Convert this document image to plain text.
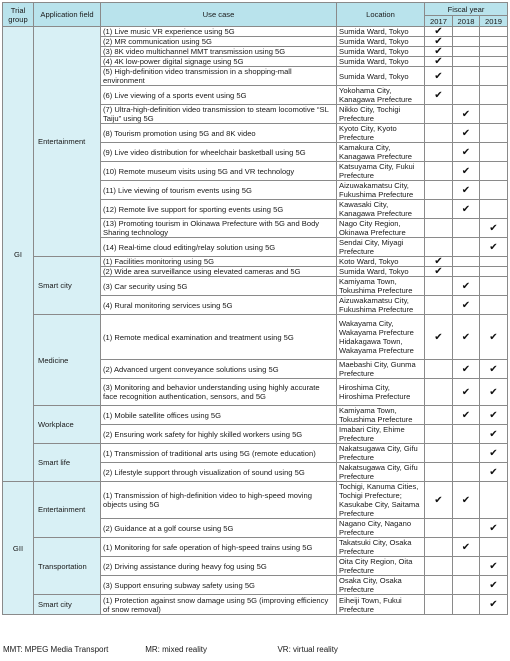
Trial group	Application field	Use case	Location	Fiscal year		
				2017	2018	2019
GI	Entertainment	(1) Live music VR experience using 5G	Sumida Ward, Tokyo	✔		
		(2) MR communication using 5G	Sumida Ward, Tokyo	✔		
		(3) 8K video multichannel MMT transmission using 5G	Sumida Ward, Tokyo	✔		
		(4) 4K low-power digital signage using 5G	Sumida Ward, Tokyo	✔		
		(5) High-definition video transmission in a shopping-mall environment	Sumida Ward, Tokyo	✔		
		(6) Live viewing of a sports event using 5G	Yokohama City, Kanagawa Prefecture	✔		
		(7) Ultra-high-definition video transmission to steam locomotive “SL Taiju” using 5G	Nikko City, Tochigi Prefecture		✔	
		(8) Tourism promotion using 5G and 8K video	Kyoto City, Kyoto Prefecture		✔	
		(9) Live video distribution for wheelchair basketball using 5G	Kamakura City, Kanagawa Prefecture		✔	
		(10) Remote museum visits using 5G and VR technology	Katsuyama City, Fukui Prefecture		✔	
		(11) Live viewing of tourism events using 5G	Aizuwakamatsu City, Fukushima Prefecture		✔	
		(12) Remote live support for sporting events using 5G	Kawasaki City, Kanagawa Prefecture		✔	
		(13) Promoting tourism in Okinawa Prefecture with 5G and Body Sharing technology	Nago City Region, Okinawa Prefecture			✔
		(14) Real-time cloud editing/relay solution using 5G	Sendai City, Miyagi Prefecture			✔
	Smart city	(1) Facilities monitoring using 5G	Koto Ward, Tokyo	✔		
		(2) Wide area surveillance using elevated cameras and 5G	Sumida Ward, Tokyo	✔		
		(3) Car security using 5G	Kamiyama Town, Tokushima Prefecture		✔	
		(4) Rural monitoring services using 5G	Aizuwakamatsu City, Fukushima Prefecture		✔	
	Medicine	(1) Remote medical examination and treatment using 5G	Wakayama City, Wakayama Prefecture Hidakagawa Town, Wakayama Prefecture	✔	✔	✔
		(2) Advanced urgent conveyance solutions using 5G	Maebashi City, Gunma Prefecture		✔	✔
		(3) Monitoring and behavior understanding using highly accurate face recognition authentication, sensors, and 5G	Hiroshima City, Hiroshima Prefecture		✔	✔
	Workplace	(1) Mobile satellite offices using 5G	Kamiyama Town, Tokushima Prefecture		✔	✔
		(2) Ensuring work safety for highly skilled workers using 5G	Imabari City, Ehime Prefecture			✔
	Smart life	(1) Transmission of traditional arts using 5G (remote education)	Nakatsugawa City, Gifu Prefecture			✔
		(2) Lifestyle support through visualization of sound using 5G	Nakatsugawa City, Gifu Prefecture			✔
GII	Entertainment	(1) Transmission of high-definition video to high-speed moving objects using 5G	Tochigi, Kanuma Cities, Tochigi Prefecture; Kasukabe City, Saitama Prefecture	✔	✔	
		(2) Guidance at a golf course using 5G	Nagano City, Nagano Prefecture			✔
	Transportation	(1) Monitoring for safe operation of high-speed trains using 5G	Takatsuki City, Osaka Prefecture		✔	
		(2) Driving assistance during heavy fog using 5G	Oita City Region, Oita Prefecture			✔
		(3) Support ensuring subway safety using 5G	Osaka City, Osaka Prefecture			✔
	Smart city	(1) Protection against snow damage using 5G (improving efficiency of snow removal)	Eiheiji Town, Fukui Prefecture			✔
MMT: MPEG Media Transport	MR: mixed reality	VR: virtual reality
